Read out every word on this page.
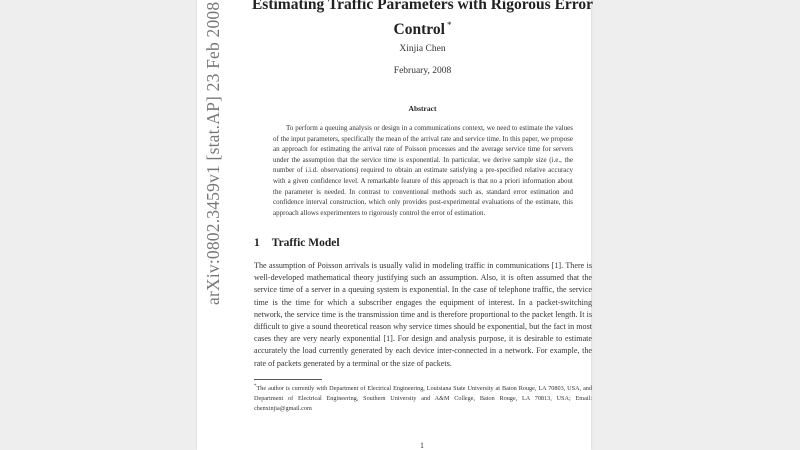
arXiv:0802.3459v1 [stat.AP] 23 Feb 2008 Estimating Traffic Parameters with Rigorous Error Control *
Xinjia Chen
February, 2008
Abstract

To perform a queuing analysis or design in a communications context, we need to estimate the values of the input parameters, specifically the mean of the arrival rate and service time. In this paper, we propose an approach for estimating the arrival rate of Poisson processes and the average service time for servers under the assumption that the service time is exponential. In particular, we derive sample size (i.e., the number of i.i.d. observations) required to obtain an estimate satisfying a pre-specified relative accuracy with a given confidence level. A remarkable feature of this approach is that no a priori information about the parameter is needed. In contrast to conventional methods such as, standard error estimation and confidence interval construction, which only provides post-experimental evaluations of the estimate, this approach allows experimenters to rigorously control the error of estimation.

1 Traffic Model

The assumption of Poisson arrivals is usually valid in modeling traffic in communications [1]. There is well-developed mathematical theory justifying such an assumption. Also, it is often assumed that the service time of a server in a queuing system is exponential. In the case of telephone traffic, the service time is the time for which a subscriber engages the equipment of interest. In a packet-switching network, the service time is the transmission time and is therefore proportional to the packet length. It is difficult to give a sound theoretical reason why service times should be exponential, but the fact in most cases they are very nearly exponential [1]. For design and analysis purpose, it is desirable to estimate accurately the load currently generated by each device inter-connected in a network. For example, the rate of packets generated by a terminal or the size of packets.

*The author is currently with Department of Electrical Engineering, Louisiana State University at Baton Rouge, LA 70803, USA, and Department of Electrical Engineering, Southern University and A&M College, Baton Rouge, LA 70813, USA; Email: chenxinjia@gmail.com

1
